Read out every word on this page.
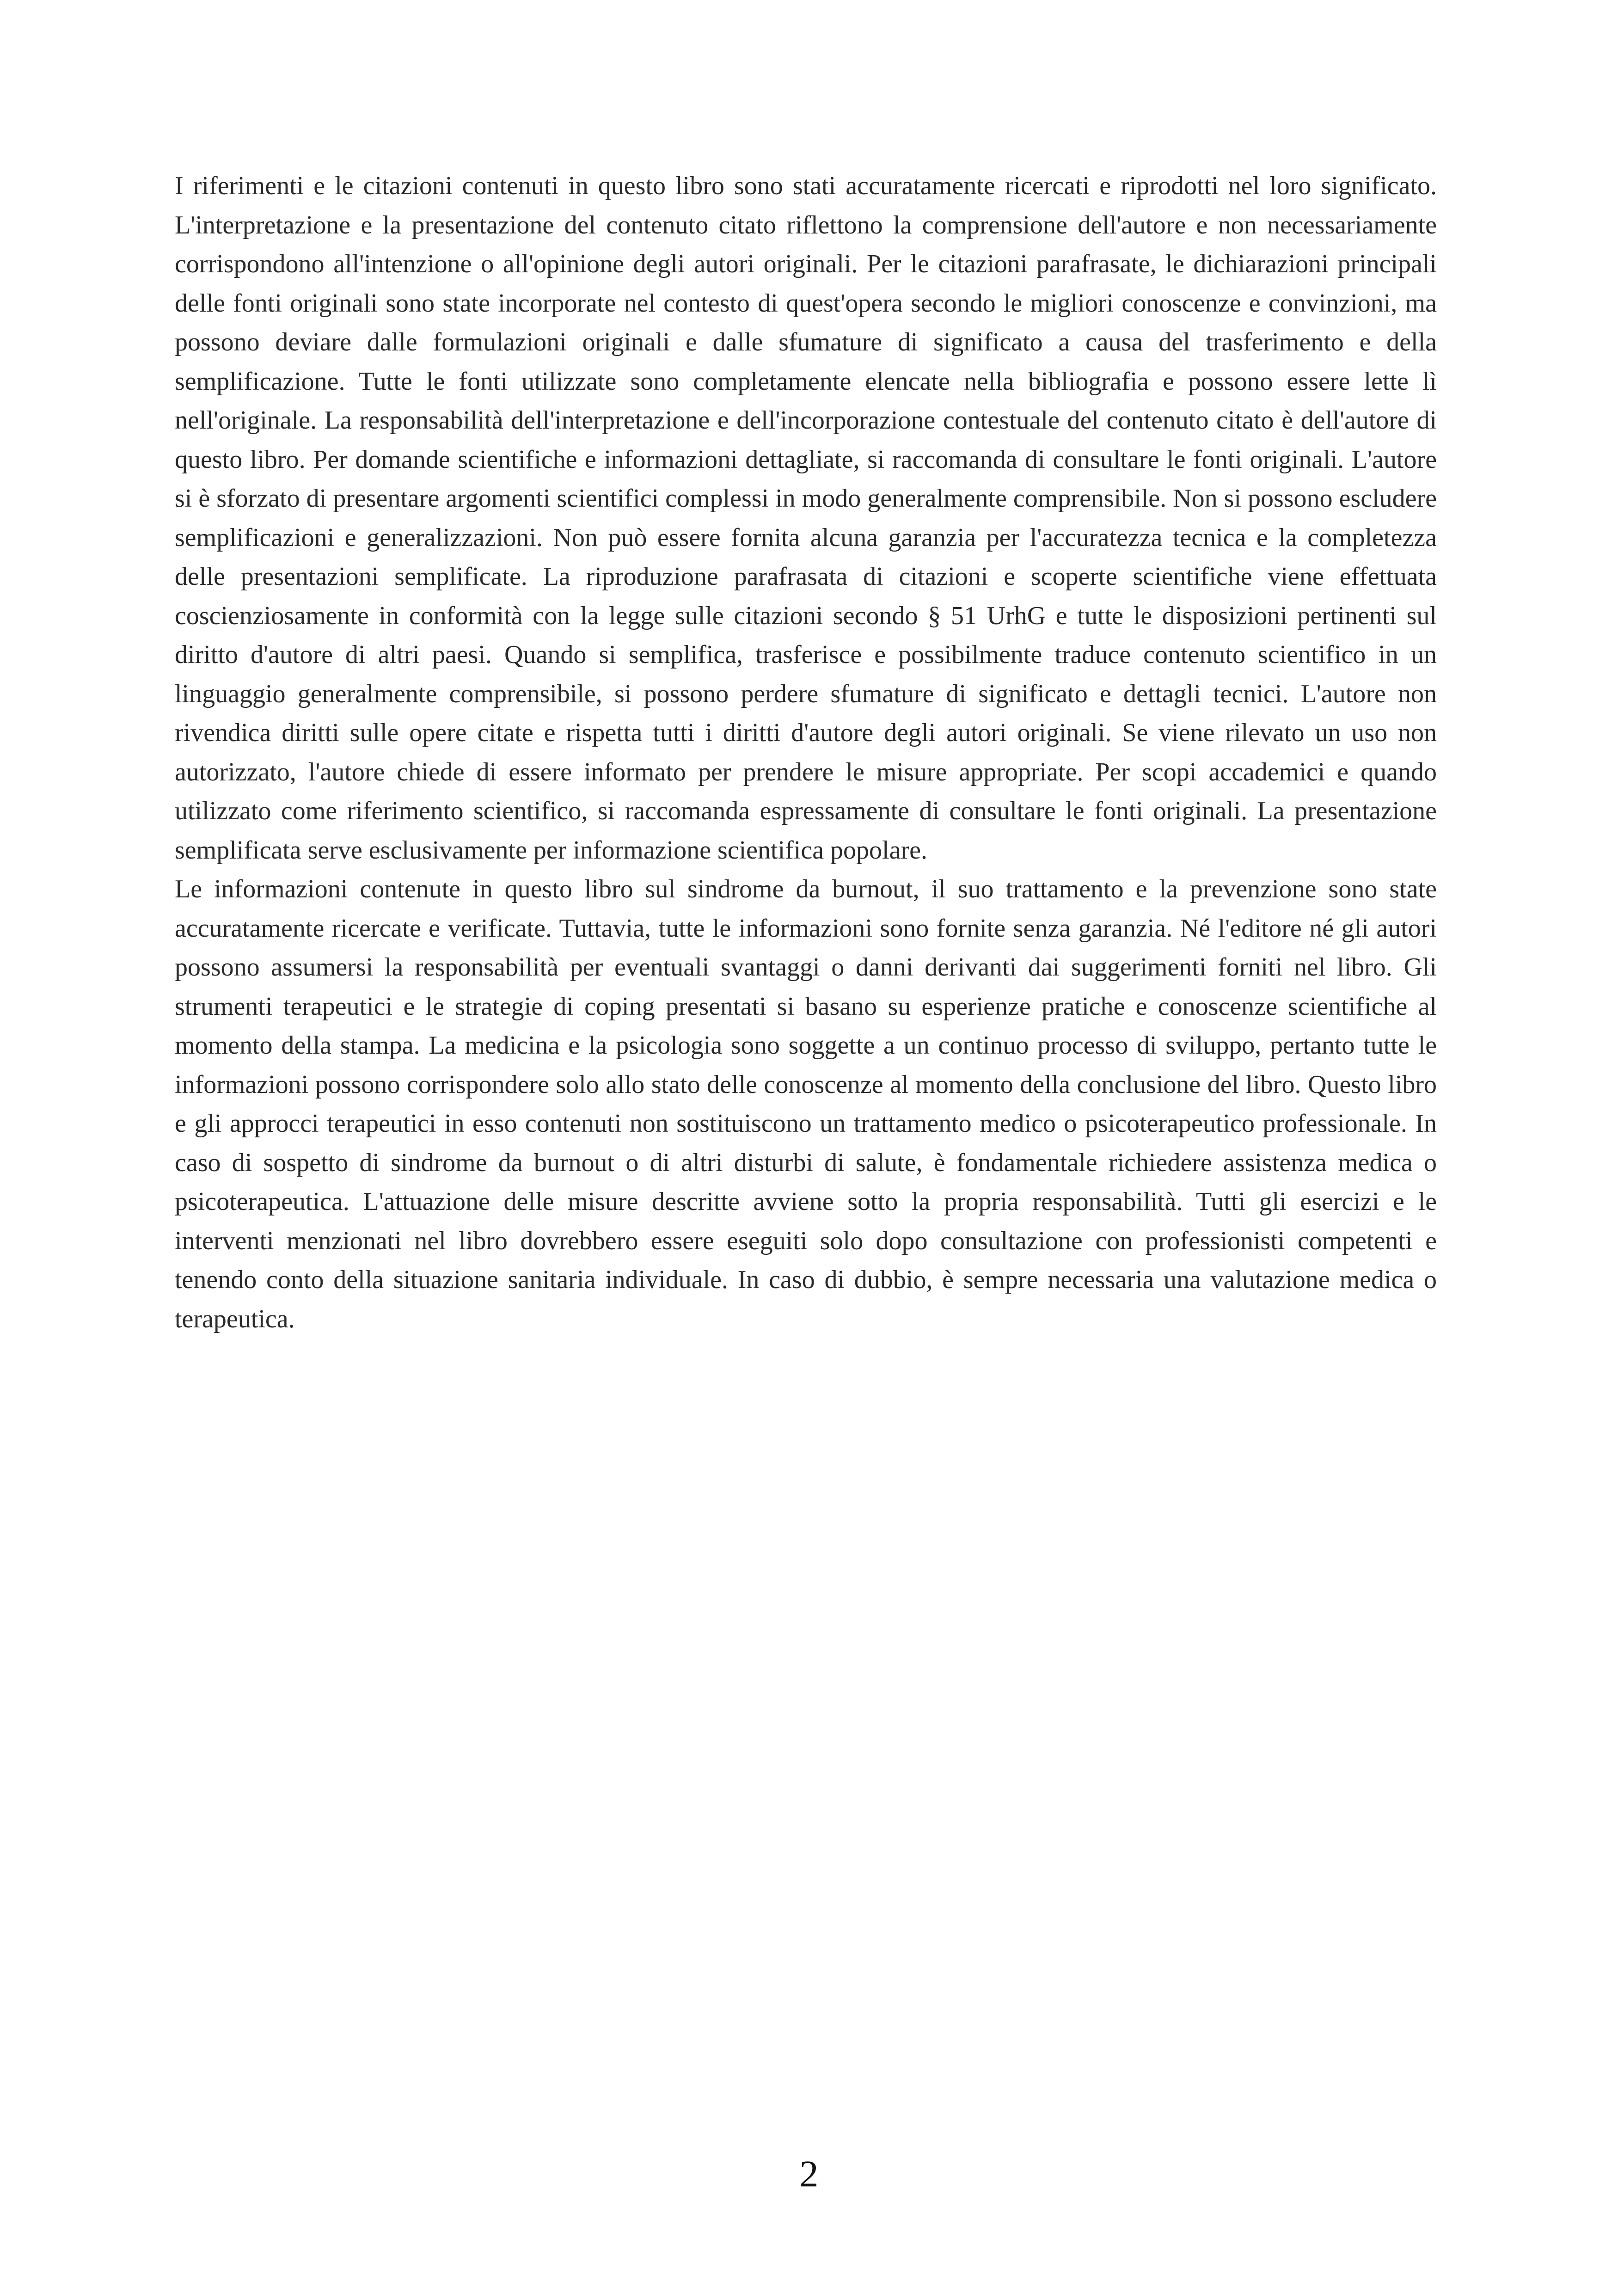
I riferimenti e le citazioni contenuti in questo libro sono stati accuratamente ricercati e riprodotti nel loro significato. L'interpretazione e la presentazione del contenuto citato riflettono la comprensione dell'autore e non necessariamente corrispondono all'intenzione o all'opinione degli autori originali. Per le citazioni parafrasate, le dichiarazioni principali delle fonti originali sono state incorporate nel contesto di quest'opera secondo le migliori conoscenze e convinzioni, ma possono deviare dalle formulazioni originali e dalle sfumature di significato a causa del trasferimento e della semplificazione. Tutte le fonti utilizzate sono completamente elencate nella bibliografia e possono essere lette lì nell'originale. La responsabilità dell'interpretazione e dell'incorporazione contestuale del contenuto citato è dell'autore di questo libro. Per domande scientifiche e informazioni dettagliate, si raccomanda di consultare le fonti originali. L'autore si è sforzato di presentare argomenti scientifici complessi in modo generalmente comprensibile. Non si possono escludere semplificazioni e generalizzazioni. Non può essere fornita alcuna garanzia per l'accuratezza tecnica e la completezza delle presentazioni semplificate. La riproduzione parafrasata di citazioni e scoperte scientifiche viene effettuata coscienziosamente in conformità con la legge sulle citazioni secondo § 51 UrhG e tutte le disposizioni pertinenti sul diritto d'autore di altri paesi. Quando si semplifica, trasferisce e possibilmente traduce contenuto scientifico in un linguaggio generalmente comprensibile, si possono perdere sfumature di significato e dettagli tecnici. L'autore non rivendica diritti sulle opere citate e rispetta tutti i diritti d'autore degli autori originali. Se viene rilevato un uso non autorizzato, l'autore chiede di essere informato per prendere le misure appropriate. Per scopi accademici e quando utilizzato come riferimento scientifico, si raccomanda espressamente di consultare le fonti originali. La presentazione semplificata serve esclusivamente per informazione scientifica popolare.

Le informazioni contenute in questo libro sul sindrome da burnout, il suo trattamento e la prevenzione sono state accuratamente ricercate e verificate. Tuttavia, tutte le informazioni sono fornite senza garanzia. Né l'editore né gli autori possono assumersi la responsabilità per eventuali svantaggi o danni derivanti dai suggerimenti forniti nel libro. Gli strumenti terapeutici e le strategie di coping presentati si basano su esperienze pratiche e conoscenze scientifiche al momento della stampa. La medicina e la psicologia sono soggette a un continuo processo di sviluppo, pertanto tutte le informazioni possono corrispondere solo allo stato delle conoscenze al momento della conclusione del libro. Questo libro e gli approcci terapeutici in esso contenuti non sostituiscono un trattamento medico o psicoterapeutico professionale. In caso di sospetto di sindrome da burnout o di altri disturbi di salute, è fondamentale richiedere assistenza medica o psicoterapeutica. L'attuazione delle misure descritte avviene sotto la propria responsabilità. Tutti gli esercizi e le interventi menzionati nel libro dovrebbero essere eseguiti solo dopo consultazione con professionisti competenti e tenendo conto della situazione sanitaria individuale. In caso di dubbio, è sempre necessaria una valutazione medica o terapeutica.

2
